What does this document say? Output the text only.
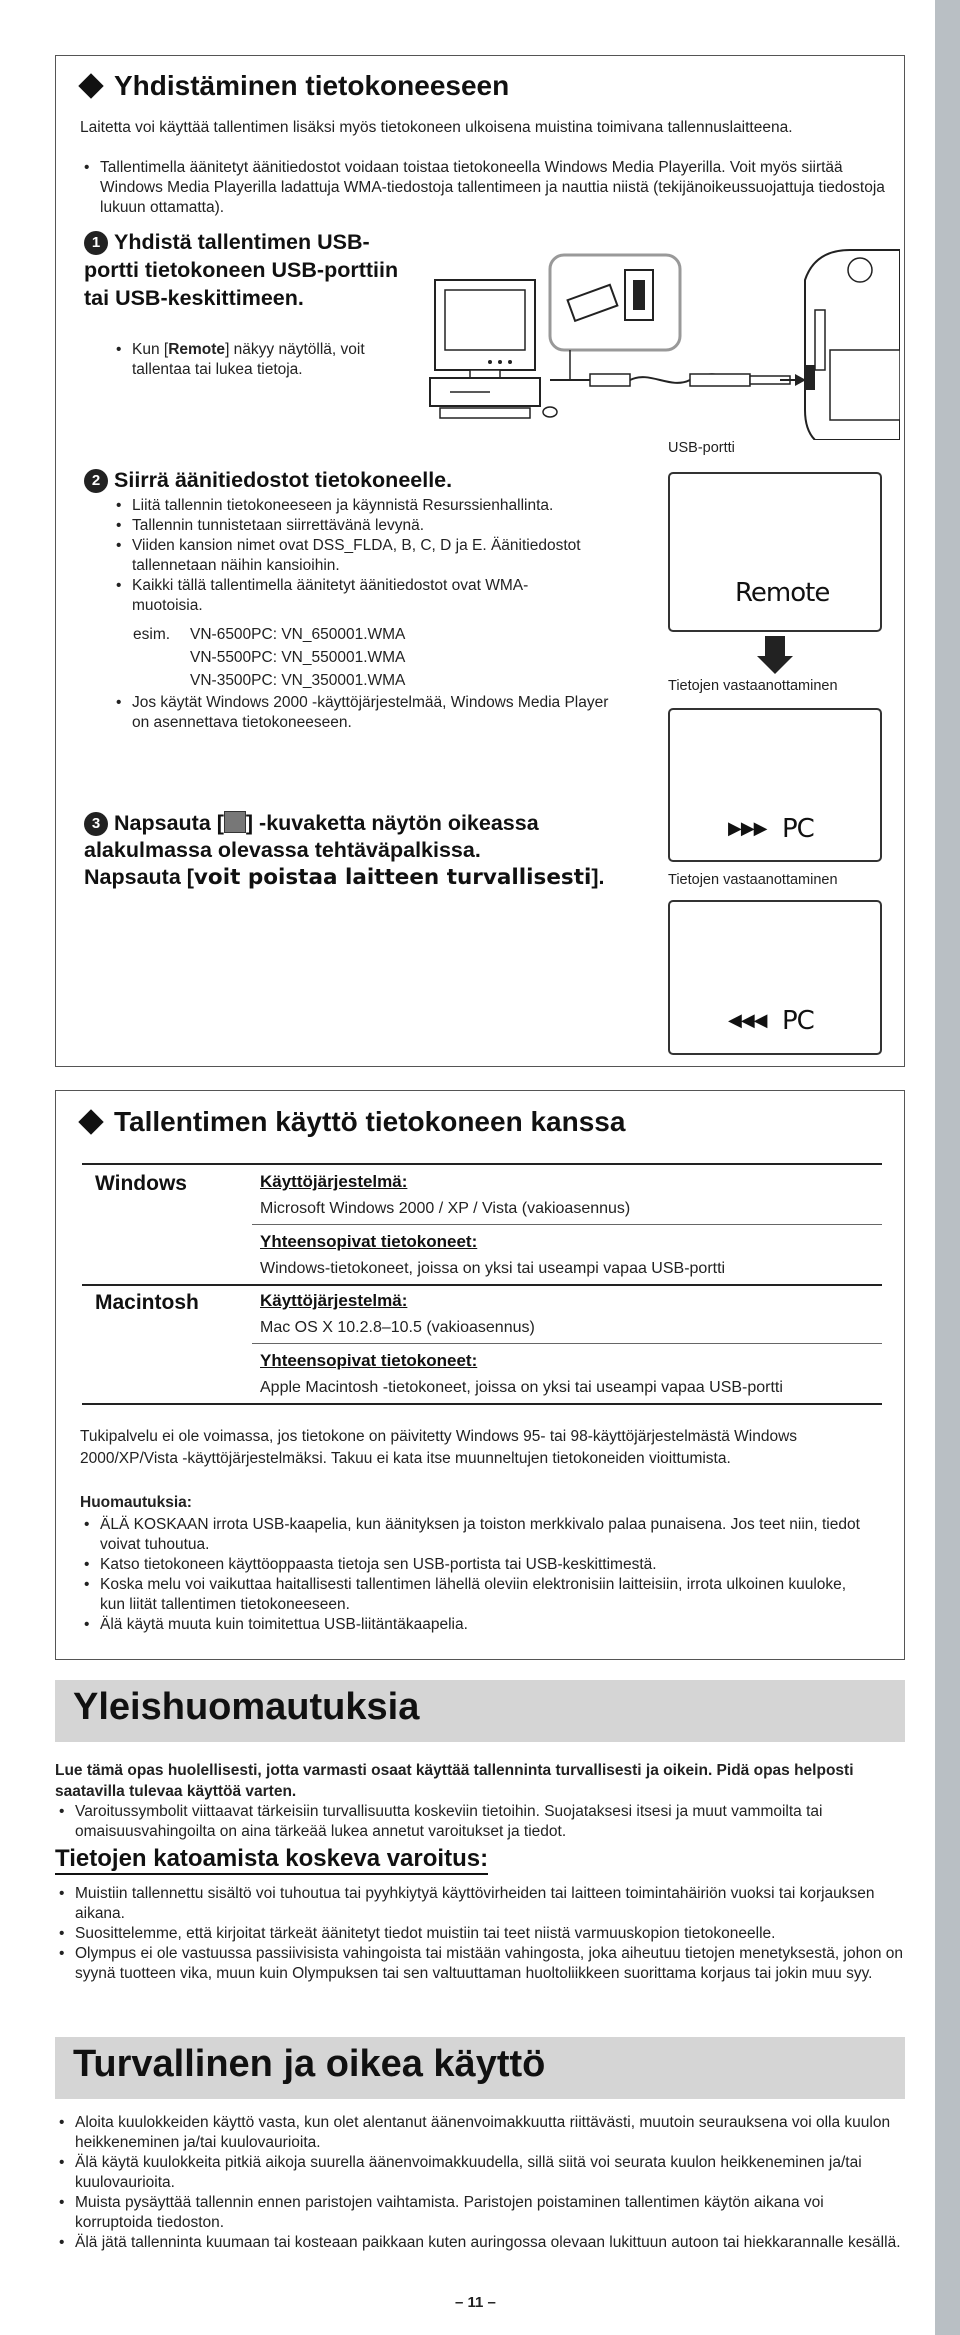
Yhdistäminen tietokoneeseen
Laitetta voi käyttää tallentimen lisäksi myös tietokoneen ulkoisena muistina toimivana tallennuslaitteena.
• Tallentimella äänitetyt äänitiedostot voidaan toistaa tietokoneella Windows Media Playerilla. Voit myös siirtää Windows Media Playerilla ladattuja WMA-tiedostoja tallentimeen ja nauttia niistä (tekijänoikeussuojattuja tiedostoja lukuun ottamatta).
1 Yhdistä tallentimen USB-portti tietokoneen USB-porttiin tai USB-keskittimeen.
• Kun [Remote] näkyy näytöllä, voit tallentaa tai lukea tietoja.
USB-portti
2 Siirrä äänitiedostot tietokoneelle.
• Liitä tallennin tietokoneeseen ja käynnistä Resurssienhallinta.
• Tallennin tunnistetaan siirrettävänä levynä.
• Viiden kansion nimet ovat DSS_FLDA, B, C, D ja E. Äänitiedostot tallennetaan näihin kansioihin.
• Kaikki tällä tallentimella äänitetyt äänitiedostot ovat WMA-muotoisia.
esim. VN-6500PC: VN_650001.WMA
VN-5500PC: VN_550001.WMA
VN-3500PC: VN_350001.WMA
• Jos käytät Windows 2000 -käyttöjärjestelmää, Windows Media Player on asennettava tietokoneeseen.
3 Napsauta [ ] -kuvaketta näytön oikeassa alakulmassa olevassa tehtäväpalkissa.
Napsauta [voit poistaa laitteen turvallisesti].
Remote
Tietojen vastaanottaminen
▶▶▶ PC
Tietojen vastaanottaminen
◀◀◀ PC
Tallentimen käyttö tietokoneen kanssa
Windows	Käyttöjärjestelmä:
Microsoft Windows 2000 / XP / Vista (vakioasennus)
Yhteensopivat tietokoneet:
Windows-tietokoneet, joissa on yksi tai useampi vapaa USB-portti
Macintosh	Käyttöjärjestelmä:
Mac OS X 10.2.8–10.5 (vakioasennus)
Yhteensopivat tietokoneet:
Apple Macintosh -tietokoneet, joissa on yksi tai useampi vapaa USB-portti
Tukipalvelu ei ole voimassa, jos tietokone on päivitetty Windows 95- tai 98-käyttöjärjestelmästä Windows 2000/XP/Vista -käyttöjärjestelmäksi. Takuu ei kata itse muunneltujen tietokoneiden vioittumista.
Huomautuksia:
• ÄLÄ KOSKAAN irrota USB-kaapelia, kun äänityksen ja toiston merkkivalo palaa punaisena. Jos teet niin, tiedot voivat tuhoutua.
• Katso tietokoneen käyttöoppaasta tietoja sen USB-portista tai USB-keskittimestä.
• Koska melu voi vaikuttaa haitallisesti tallentimen lähellä oleviin elektronisiin laitteisiin, irrota ulkoinen kuuloke, kun liität tallentimen tietokoneeseen.
• Älä käytä muuta kuin toimitettua USB-liitäntäkaapelia.
Yleishuomautuksia
Lue tämä opas huolellisesti, jotta varmasti osaat käyttää tallenninta turvallisesti ja oikein. Pidä opas helposti saatavilla tulevaa käyttöä varten.
• Varoitussymbolit viittaavat tärkeisiin turvallisuutta koskeviin tietoihin. Suojataksesi itsesi ja muut vammoilta tai omaisuusvahingoilta on aina tärkeää lukea annetut varoitukset ja tiedot.
Tietojen katoamista koskeva varoitus:
• Muistiin tallennettu sisältö voi tuhoutua tai pyyhkiytyä käyttövirheiden tai laitteen toimintahäiriön vuoksi tai korjauksen aikana.
• Suosittelemme, että kirjoitat tärkeät äänitetyt tiedot muistiin tai teet niistä varmuuskopion tietokoneelle.
• Olympus ei ole vastuussa passiivisista vahingoista tai mistään vahingosta, joka aiheutuu tietojen menetyksestä, johon on syynä tuotteen vika, muun kuin Olympuksen tai sen valtuuttaman huoltoliikkeen suorittama korjaus tai jokin muu syy.
Turvallinen ja oikea käyttö
• Aloita kuulokkeiden käyttö vasta, kun olet alentanut äänenvoimakkuutta riittävästi, muutoin seurauksena voi olla kuulon heikkeneminen ja/tai kuulovaurioita.
• Älä käytä kuulokkeita pitkiä aikoja suurella äänenvoimakkuudella, sillä siitä voi seurata kuulon heikkeneminen ja/tai kuulovaurioita.
• Muista pysäyttää tallennin ennen paristojen vaihtamista. Paristojen poistaminen tallentimen käytön aikana voi korruptoida tiedoston.
• Älä jätä tallenninta kuumaan tai kosteaan paikkaan kuten auringossa olevaan lukittuun autoon tai hiekkarannalle kesällä.
– 11 –
